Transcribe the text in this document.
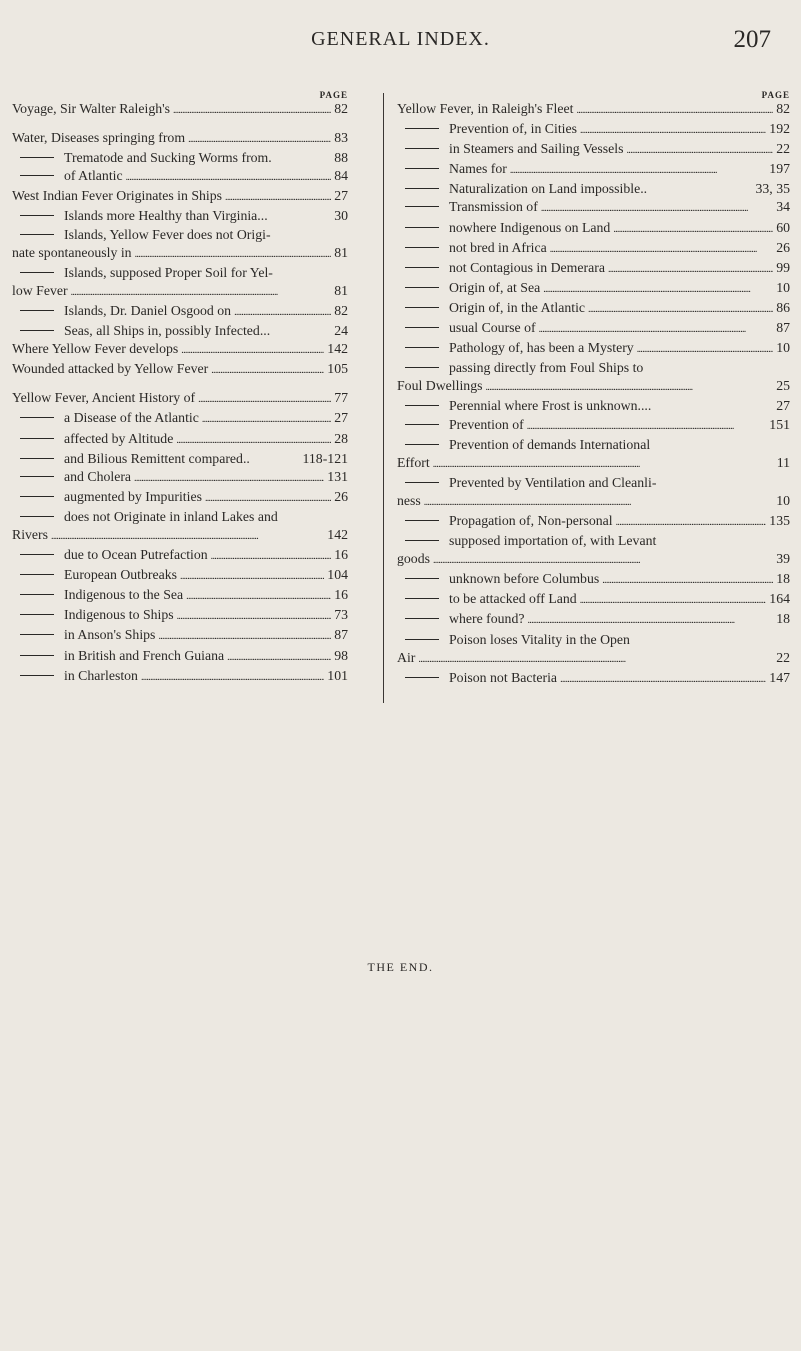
GENERAL INDEX.	207
PAGE
Voyage, Sir Walter Raleigh's . . .	82
Water, Diseases springing from . . .	83
Trematode and Sucking Worms from.	88
of Atlantic . . .	84
West Indian Fever Originates in Ships . . .	27
Islands more Healthy than Virginia...	30
Islands, Yellow Fever does not Origi-
nate spontaneously in . . .	81
Islands, supposed Proper Soil for Yel-
low Fever . . .	81
Islands, Dr. Daniel Osgood on . . .	82
Seas, all Ships in, possibly Infected...	24
Where Yellow Fever develops . . .	142
Wounded attacked by Yellow Fever . . .	105
Yellow Fever, Ancient History of . . .	77
a Disease of the Atlantic . . .	27
affected by Altitude . . .	28
and Bilious Remittent compared..	118-121
and Cholera . . .	131
augmented by Impurities . . .	26
does not Originate in inland Lakes and
Rivers . . .	142
due to Ocean Putrefaction . . .	16
European Outbreaks . . .	104
Indigenous to the Sea . . .	16
Indigenous to Ships . . .	73
in Anson's Ships . . .	87
in British and French Guiana . . .	98
in Charleston . . .	101
PAGE
Yellow Fever, in Raleigh's Fleet . . .	82
Prevention of, in Cities . . .	192
in Steamers and Sailing Vessels . . .	22
Names for . . .	197
Naturalization on Land impossible..	33, 35
Transmission of . . .	34
nowhere Indigenous on Land . . .	60
not bred in Africa . . .	26
not Contagious in Demerara . . .	99
Origin of, at Sea . . .	10
Origin of, in the Atlantic . . .	86
usual Course of . . .	87
Pathology of, has been a Mystery . . .	10
passing directly from Foul Ships to
Foul Dwellings . . .	25
Perennial where Frost is unknown....	27
Prevention of . . .	151
Prevention of demands International
Effort . . .	11
Prevented by Ventilation and Cleanli-
ness . . .	10
Propagation of, Non-personal . . .	135
supposed importation of, with Levant
goods . . .	39
unknown before Columbus . . .	18
to be attacked off Land . . .	164
where found? . . .	18
Poison loses Vitality in the Open
Air . . .	22
Poison not Bacteria . . .	147
THE END.
